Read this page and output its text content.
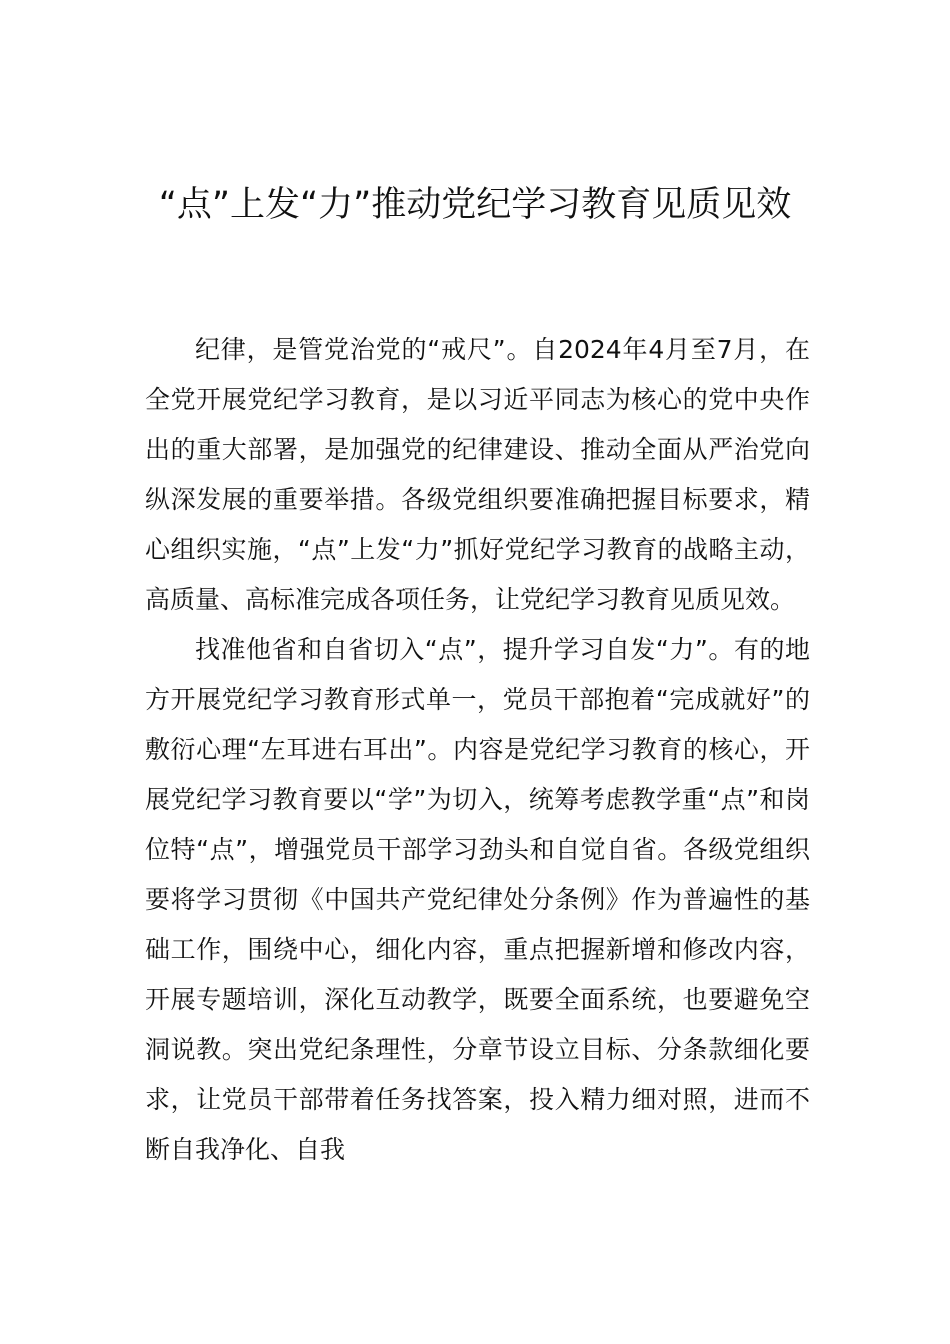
“点”上发“力”推动党纪学习教育见质见效

纪律，是管党治党的“戒尺”。自2024年4月至7月，在全党开展党纪学习教育，是以习近平同志为核心的党中央作出的重大部署，是加强党的纪律建设、推动全面从严治党向纵深发展的重要举措。各级党组织要准确把握目标要求，精心组织实施，“点”上发“力”抓好党纪学习教育的战略主动，高质量、高标准完成各项任务，让党纪学习教育见质见效。

找准他省和自省切入“点”，提升学习自发“力”。有的地方开展党纪学习教育形式单一，党员干部抱着“完成就好”的敷衍心理“左耳进右耳出”。内容是党纪学习教育的核心，开展党纪学习教育要以“学”为切入，统筹考虑教学重“点”和岗位特“点”，增强党员干部学习劲头和自觉自省。各级党组织要将学习贯彻《中国共产党纪律处分条例》作为普遍性的基础工作，围绕中心，细化内容，重点把握新增和修改内容，开展专题培训，深化互动教学，既要全面系统，也要避免空洞说教。突出党纪条理性，分章节设立目标、分条款细化要求，让党员干部带着任务找答案，投入精力细对照，进而不断自我净化、自我
